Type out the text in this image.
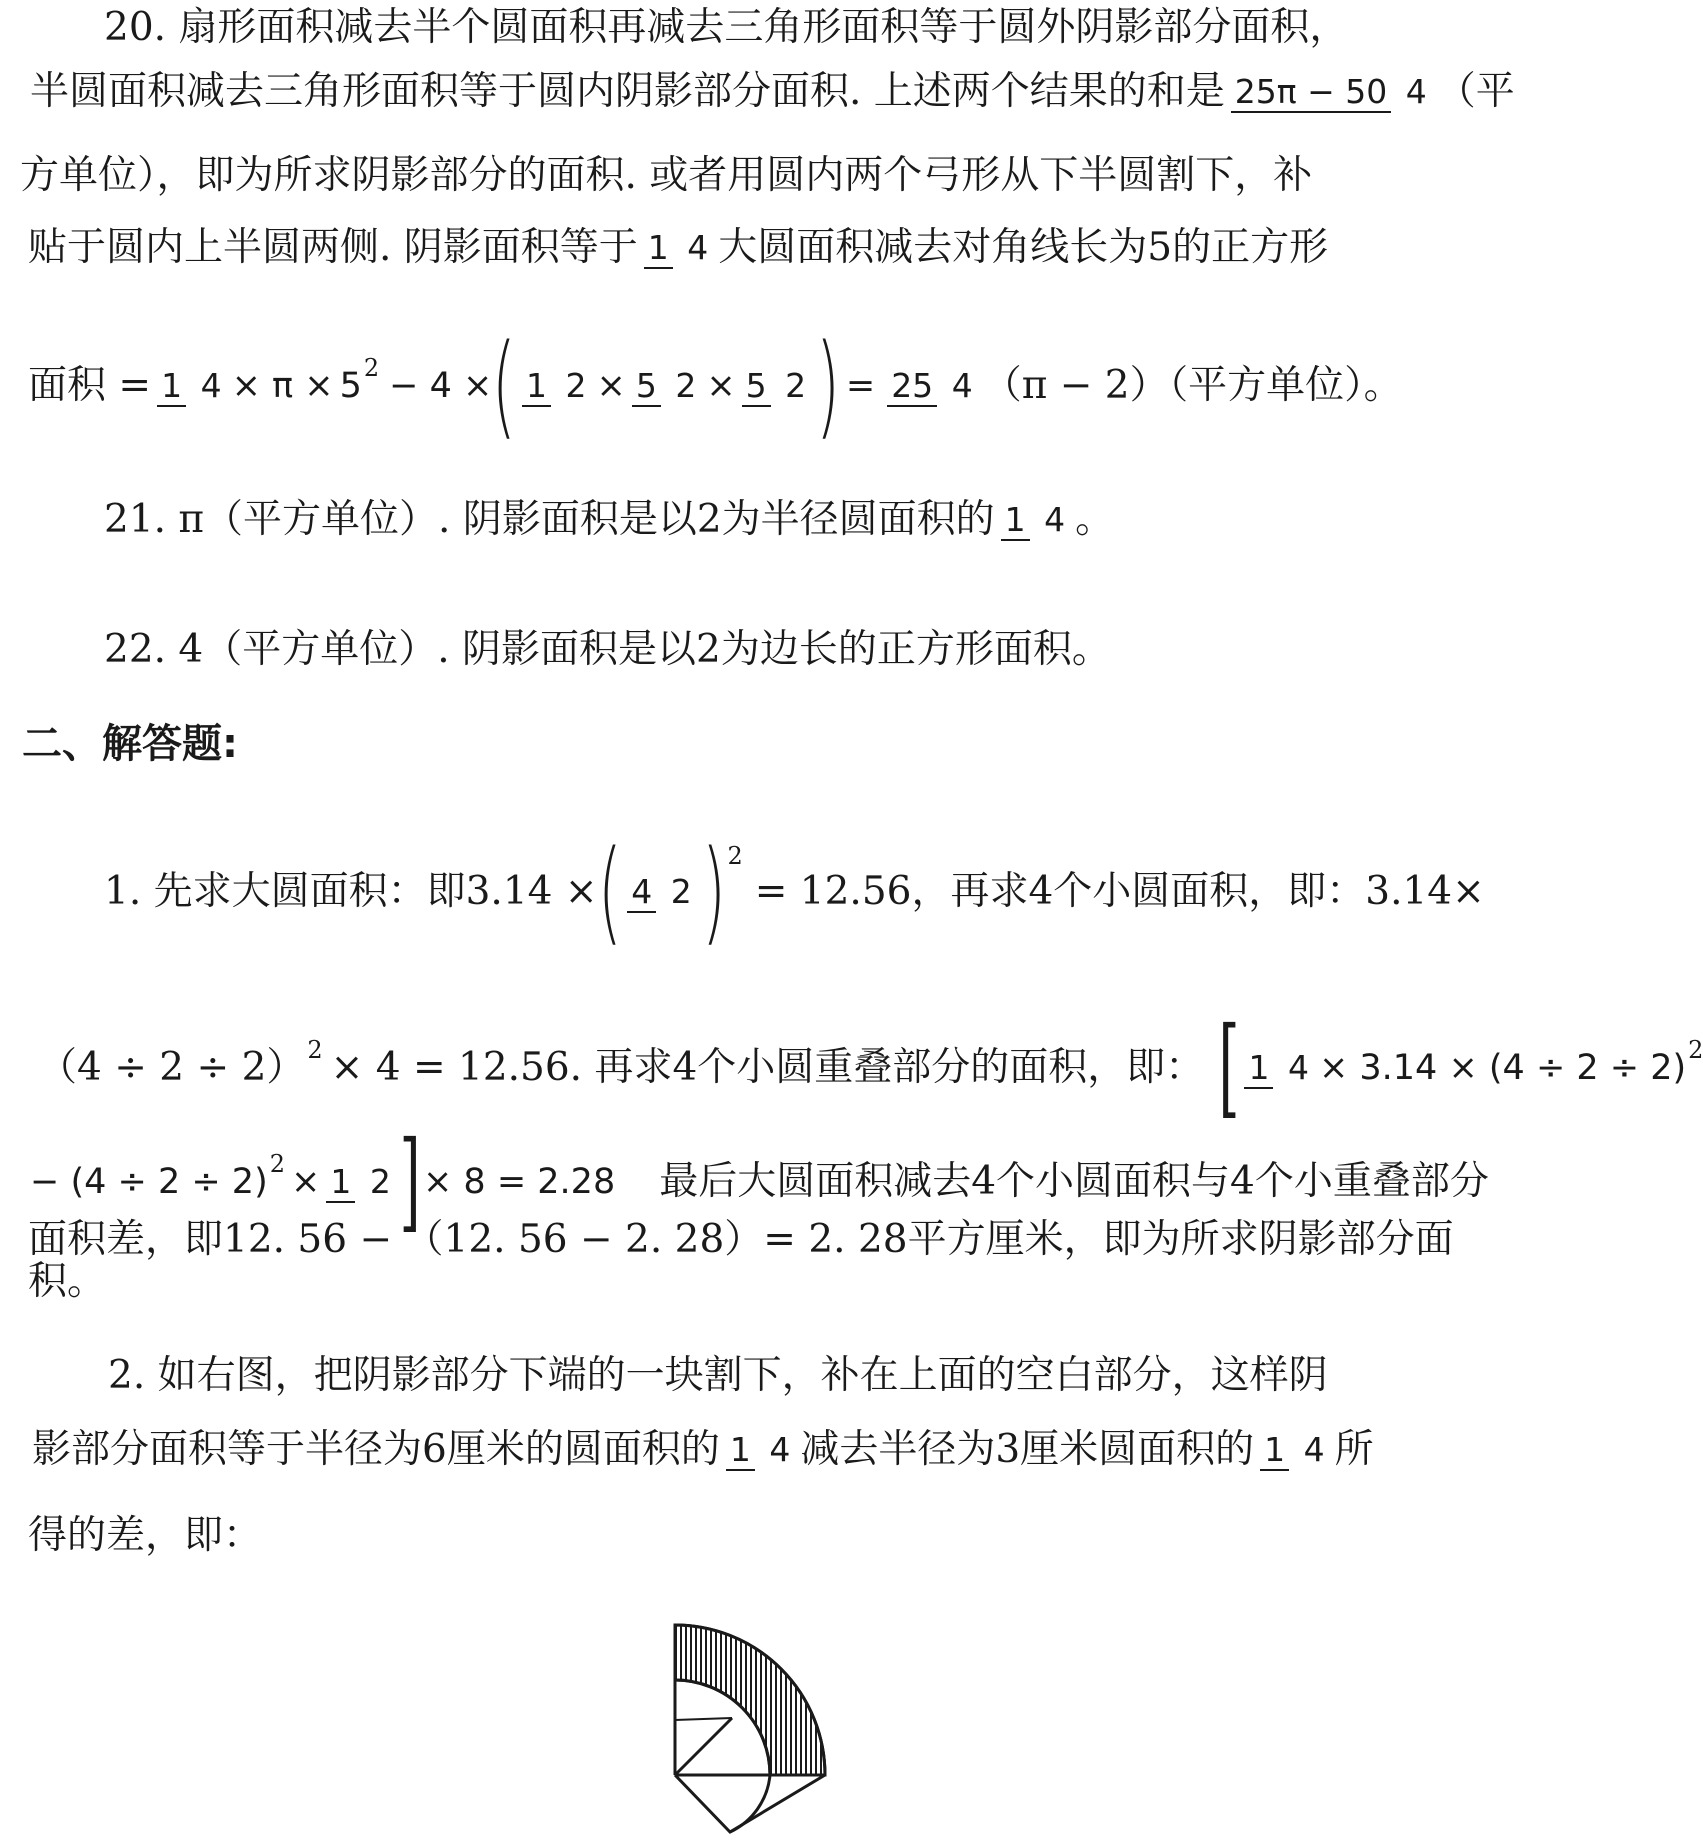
20. 扇形面积减去半个圆面积再减去三角形面积等于圆外阴影部分面积，
半圆面积减去三角形面积等于圆内阴影部分面积. 上述两个结果的和是 25π − 50 4 （平
方单位），即为所求阴影部分的面积. 或者用圆内两个弓形从下半圆割下，补
贴于圆内上半圆两侧. 阴影面积等于 1 4 大圆面积减去对角线长为5的正方形
面积 = 1 4 × π × 5 2 − 4 × ( 1 2 × 5 2 × 5 2 ) = 25 4 （π − 2）（平方单位）。
21. π（平方单位）. 阴影面积是以2为半径圆面积的 1 4 。
22. 4（平方单位）. 阴影面积是以2为边长的正方形面积。
二、解答题:
1. 先求大圆面积：即3.14 × ( 4 2 ) 2
= 12.56，再求4个小圆面积，即：3.14×
（4 ÷ 2 ÷ 2） 2 × 4 = 12.56. 再求4个小圆重叠部分的面积，即： [ 1 4 × 3.14 × (4 ÷ 2 ÷ 2) 2
− (4 ÷ 2 ÷ 2) 2 × 1 2 ] × 8 = 2.28 最后大圆面积减去4个小圆面积与4个小重叠部分
面积差，即12. 56 − （12. 56 − 2. 28）= 2. 28平方厘米，即为所求阴影部分面
积。
2. 如右图，把阴影部分下端的一块割下，补在上面的空白部分，这样阴
影部分面积等于半径为6厘米的圆面积的 1 4 减去半径为3厘米圆面积的 1 4 所
得的差，即：
